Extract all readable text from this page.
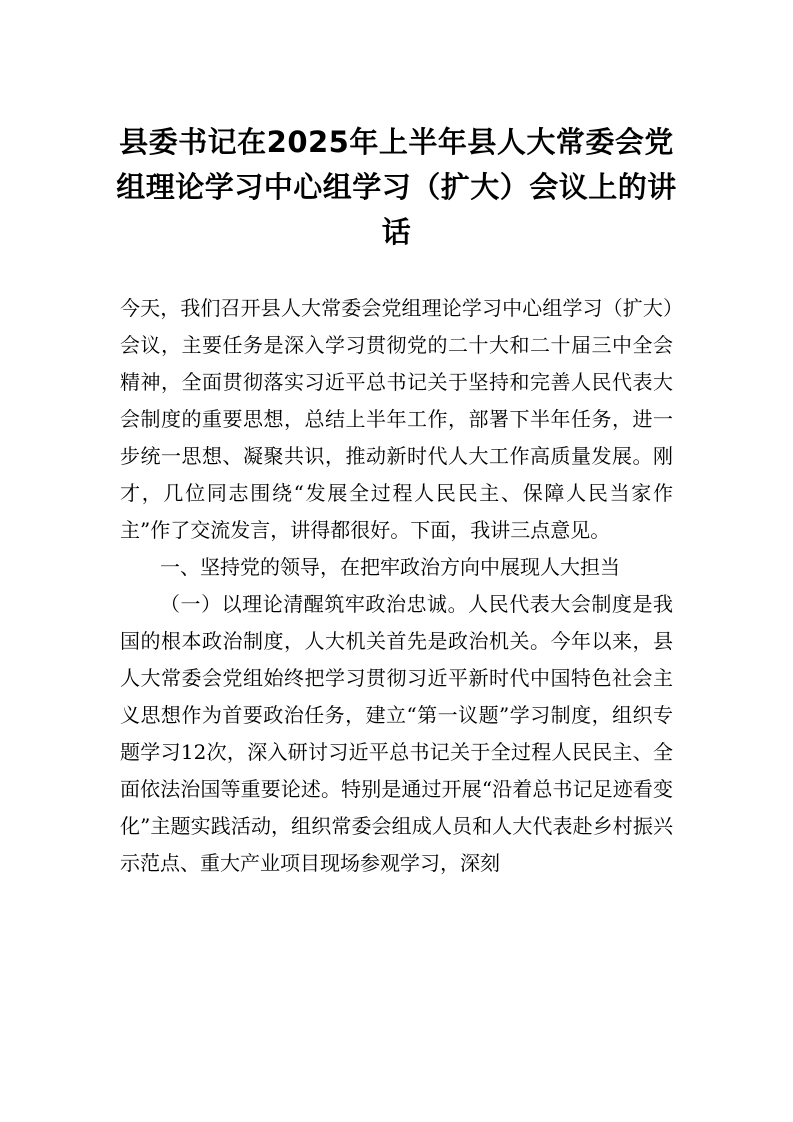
县委书记在2025年上半年县人大常委会党组理论学习中心组学习（扩大）会议上的讲话

今天，我们召开县人大常委会党组理论学习中心组学习（扩大）会议，主要任务是深入学习贯彻党的二十大和二十届三中全会精神，全面贯彻落实习近平总书记关于坚持和完善人民代表大会制度的重要思想，总结上半年工作，部署下半年任务，进一步统一思想、凝聚共识，推动新时代人大工作高质量发展。刚才，几位同志围绕“发展全过程人民民主、保障人民当家作主”作了交流发言，讲得都很好。下面，我讲三点意见。

一、坚持党的领导，在把牢政治方向中展现人大担当

（一）以理论清醒筑牢政治忠诚。人民代表大会制度是我国的根本政治制度，人大机关首先是政治机关。今年以来，县人大常委会党组始终把学习贯彻习近平新时代中国特色社会主义思想作为首要政治任务，建立“第一议题”学习制度，组织专题学习12次，深入研讨习近平总书记关于全过程人民民主、全面依法治国等重要论述。特别是通过开展“沿着总书记足迹看变化”主题实践活动，组织常委会组成人员和人大代表赴乡村振兴示范点、重大产业项目现场参观学习，深刻
